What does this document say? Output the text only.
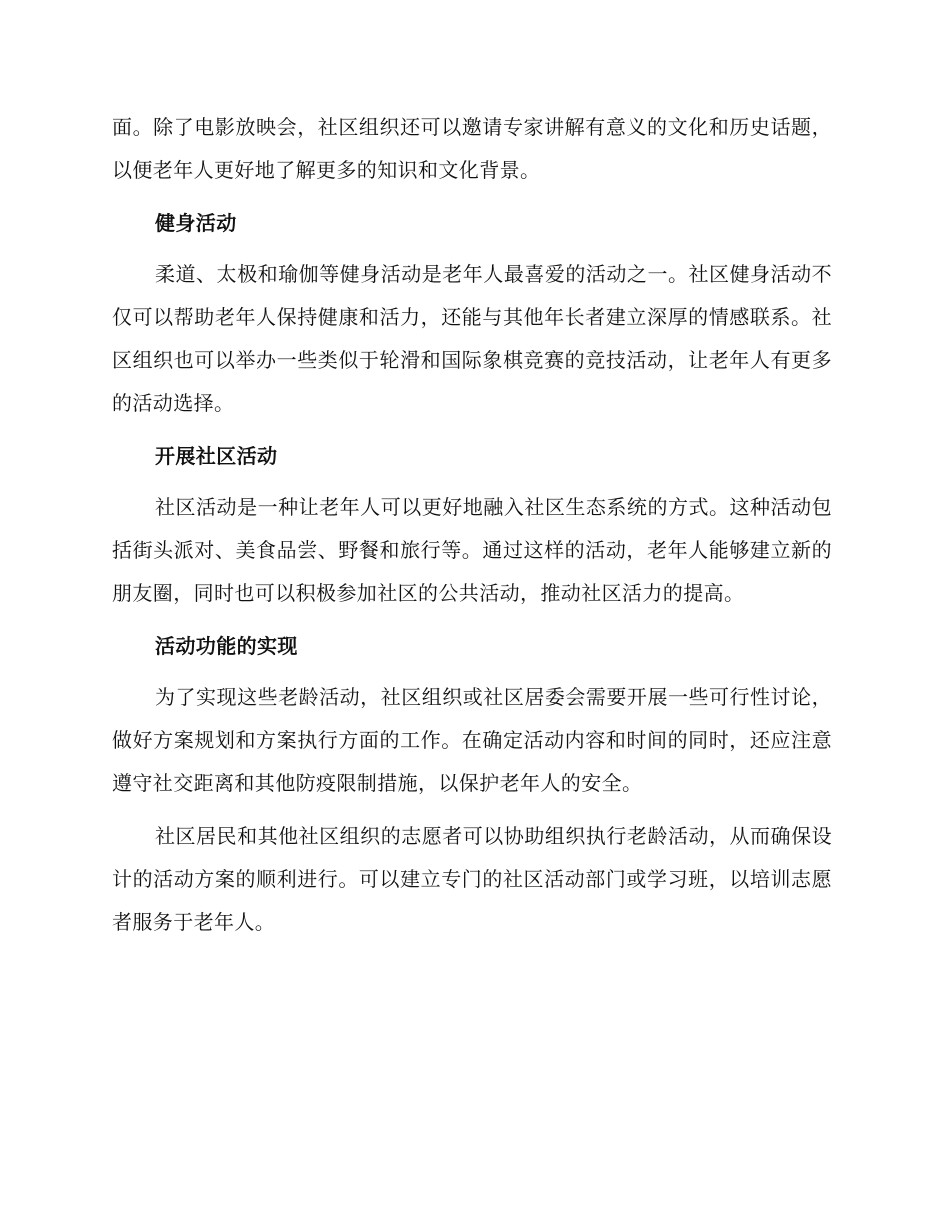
面。除了电影放映会，社区组织还可以邀请专家讲解有意义的文化和历史话题，以便老年人更好地了解更多的知识和文化背景。

健身活动

柔道、太极和瑜伽等健身活动是老年人最喜爱的活动之一。社区健身活动不仅可以帮助老年人保持健康和活力，还能与其他年长者建立深厚的情感联系。社区组织也可以举办一些类似于轮滑和国际象棋竞赛的竞技活动，让老年人有更多的活动选择。

开展社区活动

社区活动是一种让老年人可以更好地融入社区生态系统的方式。这种活动包括街头派对、美食品尝、野餐和旅行等。通过这样的活动，老年人能够建立新的朋友圈，同时也可以积极参加社区的公共活动，推动社区活力的提高。

活动功能的实现

为了实现这些老龄活动，社区组织或社区居委会需要开展一些可行性讨论，做好方案规划和方案执行方面的工作。在确定活动内容和时间的同时，还应注意遵守社交距离和其他防疫限制措施，以保护老年人的安全。

社区居民和其他社区组织的志愿者可以协助组织执行老龄活动，从而确保设计的活动方案的顺利进行。可以建立专门的社区活动部门或学习班，以培训志愿者服务于老年人。
